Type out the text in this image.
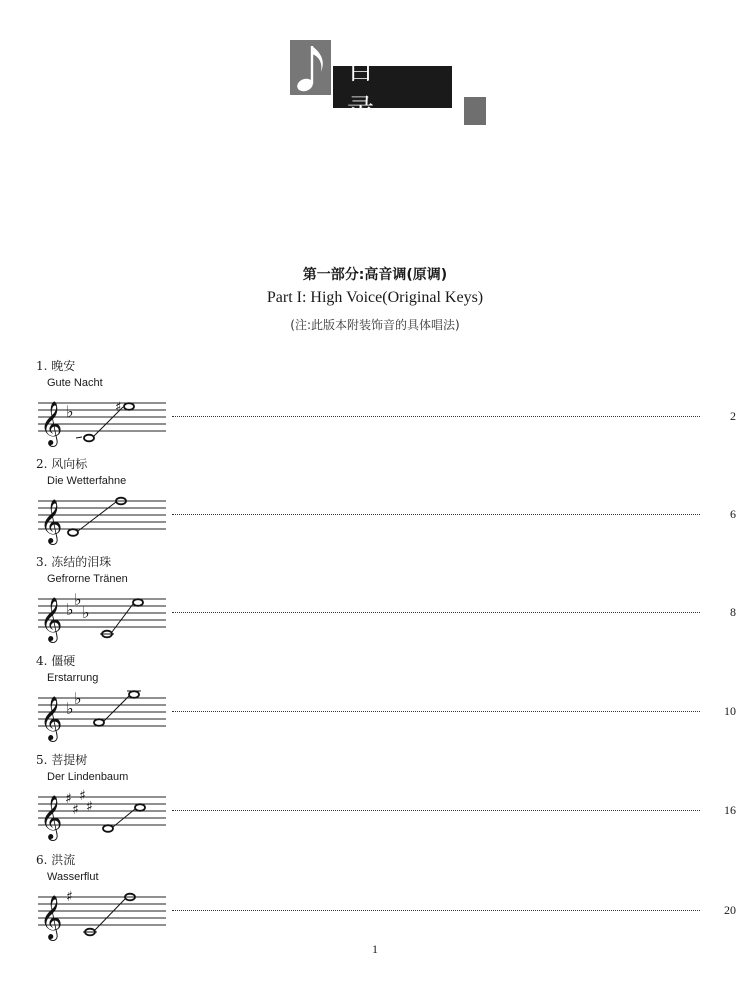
目 录
第一部分:高音调(原调)
Part I: High Voice(Original Keys)
(注:此版本附装饰音的具体唱法)
1. 晚安
Gute Nacht
𝄞 ♭	♯
2
2. 风向标
Die Wetterfahne
𝄞	6
3. 冻结的泪珠
Gefrorne Tränen
𝄞 ♭
♭
♭	8
4. 僵硬
Erstarrung
𝄞 ♭
♭
10
5. 菩提树
Der Lindenbaum
𝄞 ♯
♯
♯
♯	16
6. 洪流
Wasserflut
𝄞 ♯
20
1
